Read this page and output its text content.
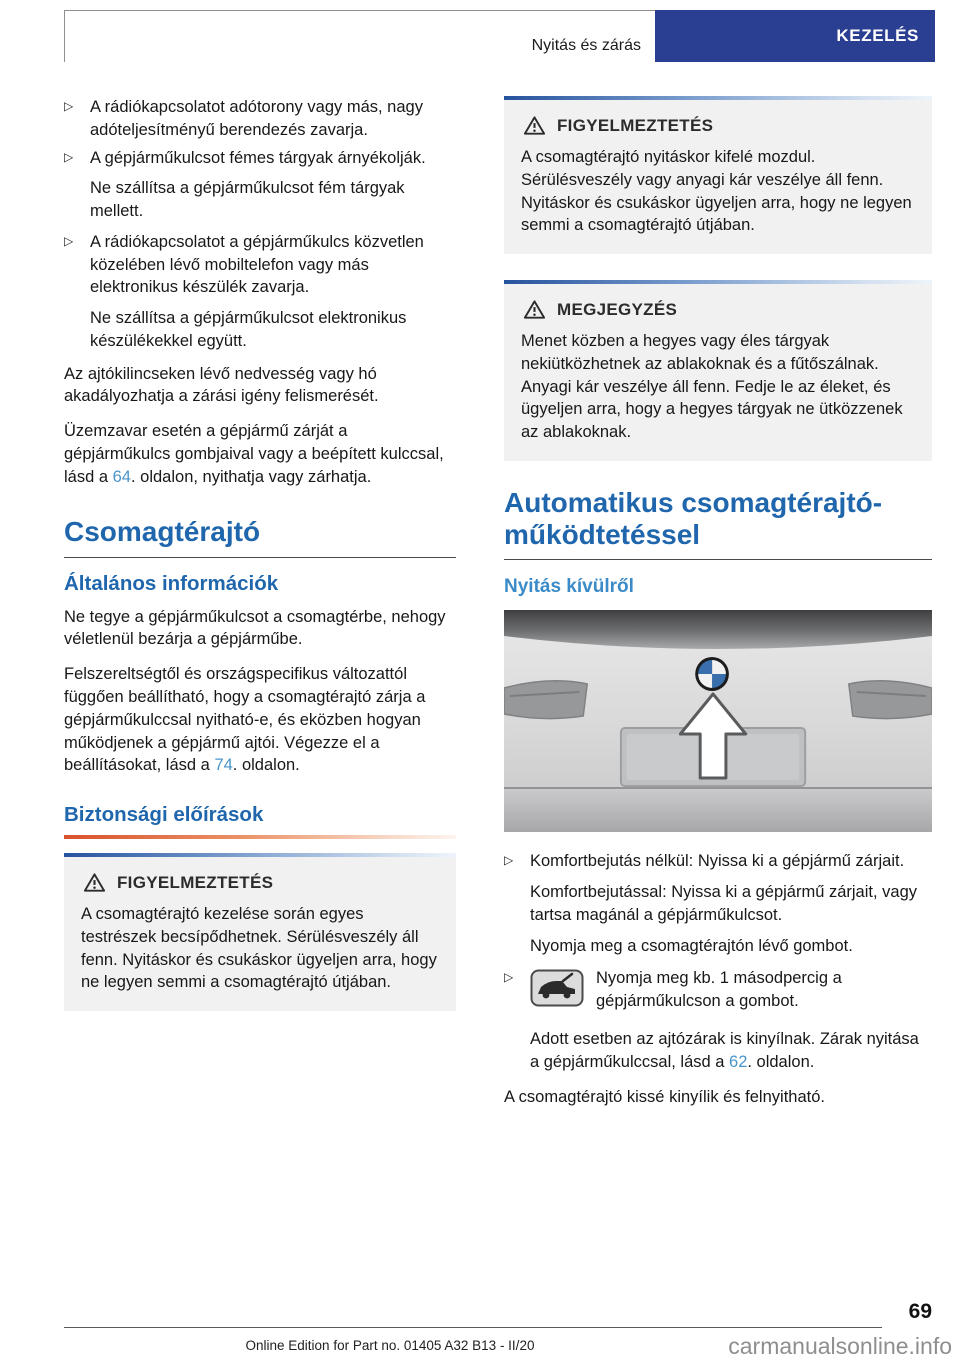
Nyitás és zárás
KEZELÉS
▷	A rádiókapcsolatot adótorony vagy más, nagy adóteljesítményű berendezés zavarja.
▷	A gépjárműkulcsot fémes tárgyak árnyékolják.

Ne szállítsa a gépjárműkulcsot fém tárgyak mellett.

▷	A rádiókapcsolatot a gépjárműkulcs közvetlen közelében lévő mobiltelefon vagy más elektronikus készülék zavarja.

Ne szállítsa a gépjárműkulcsot elektronikus készülékekkel együtt.

Az ajtókilincseken lévő nedvesség vagy hó akadályozhatja a zárási igény felismerését.

Üzemzavar esetén a gépjármű zárját a gépjárműkulcs gombjaival vagy a beépített kulccsal, lásd a 64. oldalon, nyithatja vagy zárhatja.

Csomagtérajtó
Általános információk

Ne tegye a gépjárműkulcsot a csomagtérbe, nehogy véletlenül bezárja a gépjárműbe.

Felszereltségtől és országspecifikus változattól függően beállítható, hogy a csomagtérajtó zárja a gépjárműkulccsal nyitható-e, és eközben hogyan működjenek a gépjármű ajtói. Végezze el a beállításokat, lásd a 74. oldalon.

Biztonsági előírások
FIGYELMEZTETÉS

A csomagtérajtó kezelése során egyes testrészek becsípődhetnek. Sérülésveszély áll fenn. Nyitáskor és csukáskor ügyeljen arra, hogy ne legyen semmi a csomagtérajtó útjában.

FIGYELMEZTETÉS

A csomagtérajtó nyitáskor kifelé mozdul. Sérülésveszély vagy anyagi kár veszélye áll fenn. Nyitáskor és csukáskor ügyeljen arra, hogy ne legyen semmi a csomagtérajtó útjában.

MEGJEGYZÉS

Menet közben a hegyes vagy éles tárgyak nekiütközhetnek az ablakoknak és a fűtőszálnak. Anyagi kár veszélye áll fenn. Fedje le az éleket, és ügyeljen arra, hogy a hegyes tárgyak ne ütközzenek az ablakoknak.

Automatikus csomagtérajtó-működtetéssel
Nyitás kívülről
▷	Komfortbejutás nélkül: Nyissa ki a gépjármű zárjait.

Komfortbejutással: Nyissa ki a gépjármű zárjait, vagy tartsa magánál a gépjárműkulcsot.

Nyomja meg a csomagtérajtón lévő gombot.

▷	Nyomja meg kb. 1 másodpercig a gépjárműkulcson a gombot.

Adott esetben az ajtózárak is kinyílnak. Zárak nyitása a gépjárműkulccsal, lásd a 62. oldalon.

A csomagtérajtó kissé kinyílik és felnyitható.

69
Online Edition for Part no. 01405 A32 B13 - II/20	carmanualsonline.info
